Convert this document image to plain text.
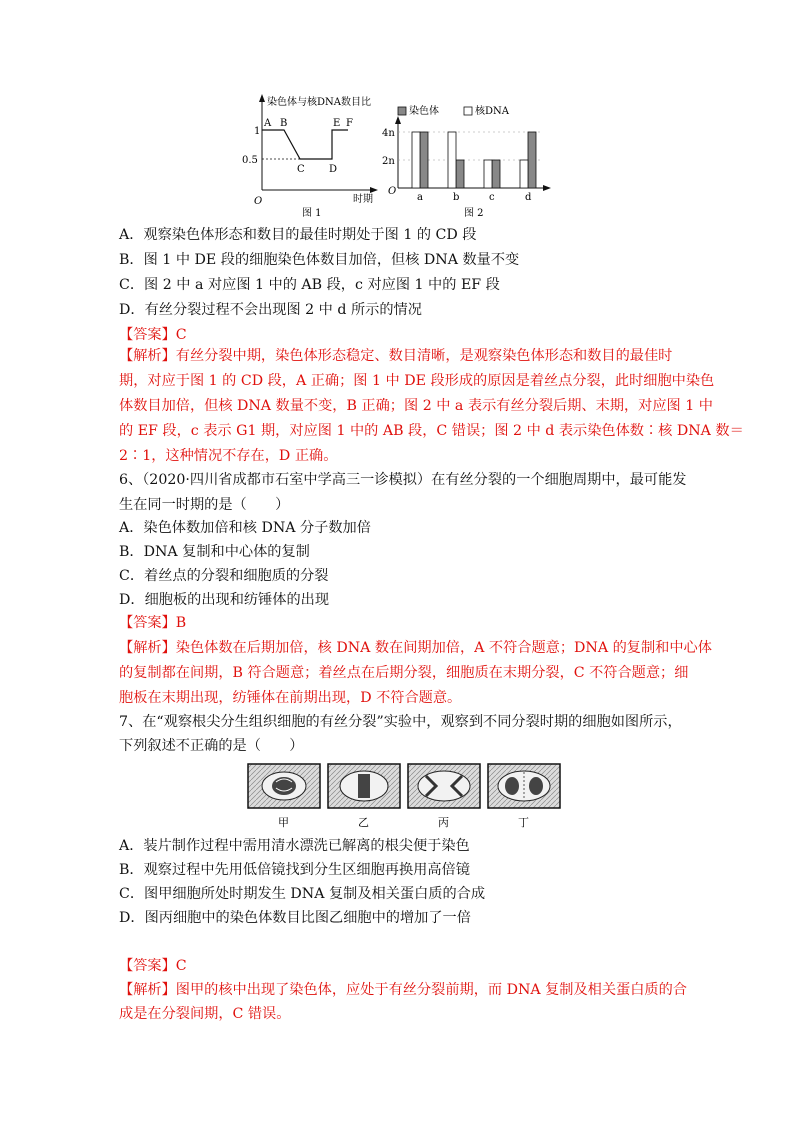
染色体与核DNA数目比
时期
O
1
0.5
A B
C D
E F
图 1
染色体	核DNA
4n
2n
O
a	b	c	d
图 2
A．观察染色体形态和数目的最佳时期处于图 1 的 CD 段
B．图 1 中 DE 段的细胞染色体数目加倍，但核 DNA 数量不变
C．图 2 中 a 对应图 1 中的 AB 段，c 对应图 1 中的 EF 段
D．有丝分裂过程不会出现图 2 中 d 所示的情况
【答案】C
【解析】有丝分裂中期，染色体形态稳定、数目清晰，是观察染色体形态和数目的最佳时
期，对应于图 1 的 CD 段，A 正确；图 1 中 DE 段形成的原因是着丝点分裂，此时细胞中染色
体数目加倍，但核 DNA 数量不变，B 正确；图 2 中 a 表示有丝分裂后期、末期，对应图 1 中
的 EF 段，c 表示 G1 期，对应图 1 中的 AB 段，C 错误；图 2 中 d 表示染色体数∶核 DNA 数＝
2∶1，这种情况不存在，D 正确。
6、（2020·四川省成都市石室中学高三一诊模拟）在有丝分裂的一个细胞周期中，最可能发
生在同一时期的是（　　）
A．染色体数加倍和核 DNA 分子数加倍
B．DNA 复制和中心体的复制
C．着丝点的分裂和细胞质的分裂
D．细胞板的出现和纺锤体的出现
【答案】B
【解析】染色体数在后期加倍，核 DNA 数在间期加倍，A 不符合题意；DNA 的复制和中心体
的复制都在间期，B 符合题意；着丝点在后期分裂，细胞质在末期分裂，C 不符合题意；细
胞板在末期出现，纺锤体在前期出现，D 不符合题意。
7、在“观察根尖分生组织细胞的有丝分裂”实验中，观察到不同分裂时期的细胞如图所示，
下列叙述不正确的是（　　）
甲	乙	丙	丁
A．装片制作过程中需用清水漂洗已解离的根尖便于染色
B．观察过程中先用低倍镜找到分生区细胞再换用高倍镜
C．图甲细胞所处时期发生 DNA 复制及相关蛋白质的合成
D．图丙细胞中的染色体数目比图乙细胞中的增加了一倍
【答案】C
【解析】图甲的核中出现了染色体，应处于有丝分裂前期，而 DNA 复制及相关蛋白质的合
成是在分裂间期，C 错误。
